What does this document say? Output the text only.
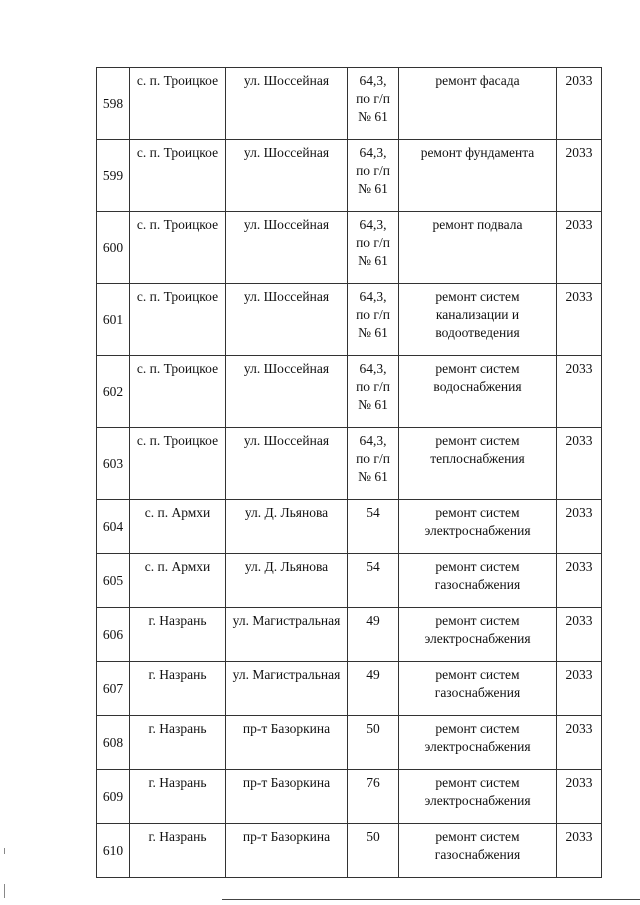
598	с. п. Троицкое	ул. Шоссейная	64,3,
по г/п
№ 61	ремонт фасада	2033

599	с. п. Троицкое	ул. Шоссейная	64,3,
по г/п
№ 61	ремонт фундамента	2033

600	с. п. Троицкое	ул. Шоссейная	64,3,
по г/п
№ 61	ремонт подвала	2033

601	с. п. Троицкое	ул. Шоссейная	64,3,
по г/п
№ 61	ремонт систем
канализации и
водоотведения	2033

602	с. п. Троицкое	ул. Шоссейная	64,3,
по г/п
№ 61	ремонт систем
водоснабжения	2033

603	с. п. Троицкое	ул. Шоссейная	64,3,
по г/п
№ 61	ремонт систем
теплоснабжения	2033

604	с. п. Армхи	ул. Д. Льянова	54	ремонт систем
электроснабжения	2033

605	с. п. Армхи	ул. Д. Льянова	54	ремонт систем
газоснабжения	2033

606	г. Назрань	ул. Магистральная	49	ремонт систем
электроснабжения	2033

607	г. Назрань	ул. Магистральная	49	ремонт систем
газоснабжения	2033

608	г. Назрань	пр-т Базоркина	50	ремонт систем
электроснабжения	2033

609	г. Назрань	пр-т Базоркина	76	ремонт систем
электроснабжения	2033

610	г. Назрань	пр-т Базоркина	50	ремонт систем
газоснабжения	2033
